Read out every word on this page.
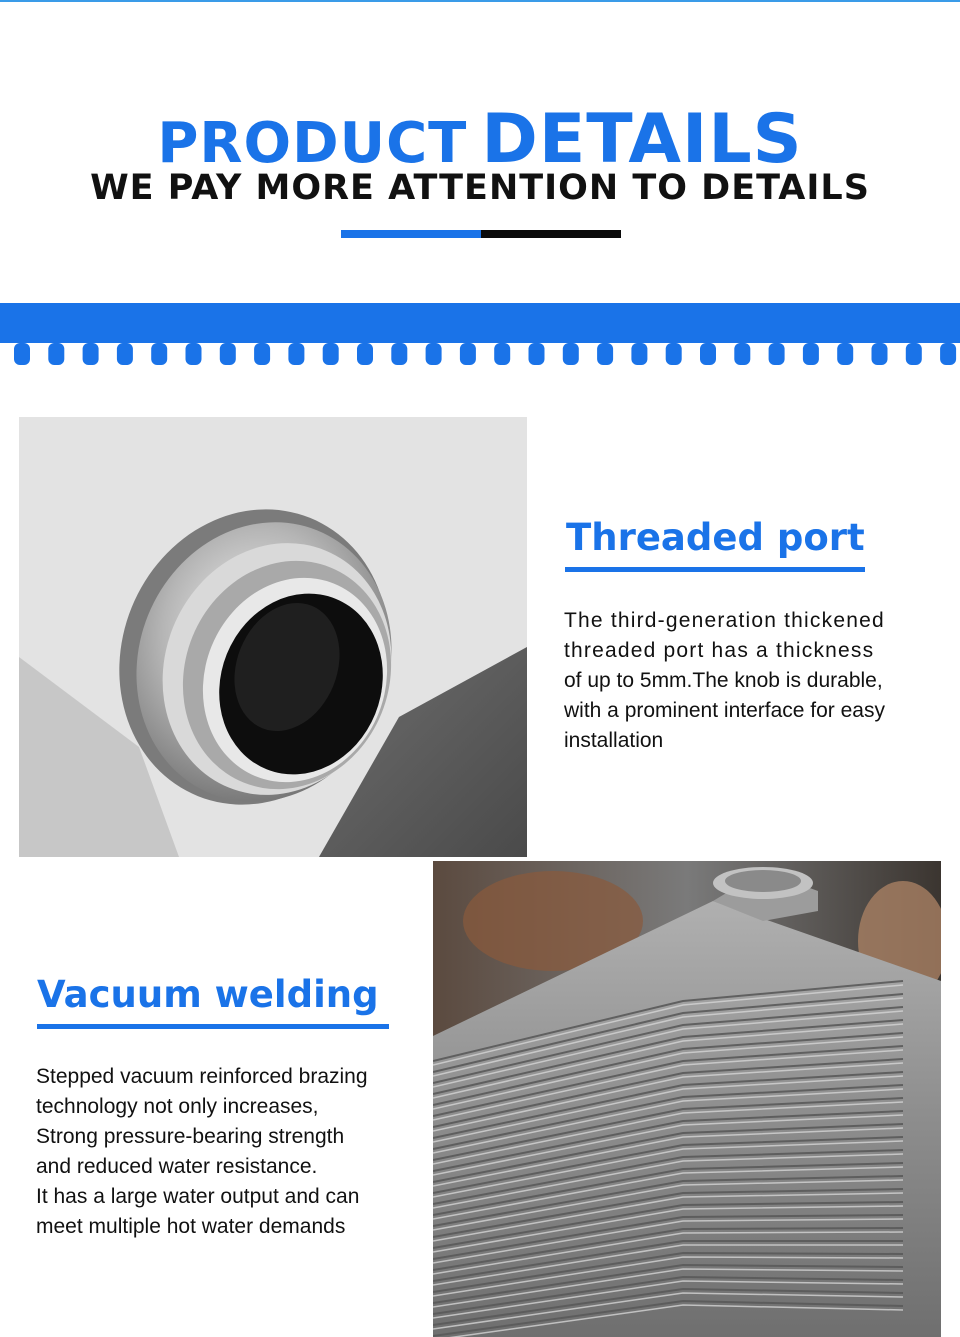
PRODUCT DETAILS
WE PAY MORE ATTENTION TO DETAILS
Threaded port

The third-generation thickened

threaded port has a thickness

of up to 5mm.The knob is durable,

with a prominent interface for easy

installation

Vacuum welding

Stepped vacuum reinforced brazing

technology not only increases,

Strong pressure-bearing strength

and reduced water resistance.

It has a large water output and can

meet multiple hot water demands
